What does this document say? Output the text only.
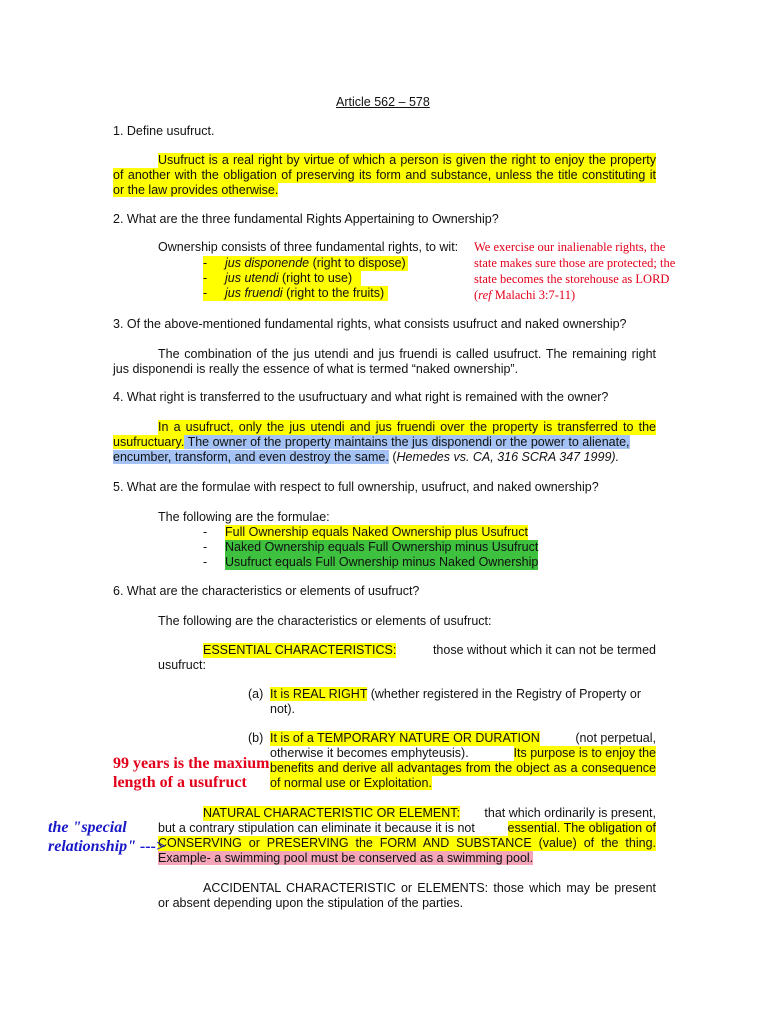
Article 562 – 578
1. Define usufruct.
Usufruct is a real right by virtue of which a person is given the right to enjoy the property
of another with the obligation of preserving its form and substance, unless the title constituting it
or the law provides otherwise.
2. What are the three fundamental Rights Appertaining to Ownership?
Ownership consists of three fundamental rights, to wit:
- jus disponende (right to dispose)
- jus utendi (right to use)
- jus fruendi (right to the fruits)
We exercise our inalienable rights, the
state makes sure those are protected; the
state becomes the storehouse as LORD
(ref Malachi 3:7-11)
3. Of the above-mentioned fundamental rights, what consists usufruct and naked ownership?
The combination of the jus utendi and jus fruendi is called usufruct. The remaining right
jus disponendi is really the essence of what is termed “naked ownership”.
4. What right is transferred to the usufructuary and what right is remained with the owner?
In a usufruct, only the jus utendi and jus fruendi over the property is transferred to the
usufructuary. The owner of the property maintains the jus disponendi or the power to alienate,
encumber, transform, and even destroy the same. (Hemedes vs. CA, 316 SCRA 347 1999).
5. What are the formulae with respect to full ownership, usufruct, and naked ownership?
The following are the formulae:
- Full Ownership equals Naked Ownership plus Usufruct
- Naked Ownership equals Full Ownership minus Usufruct
- Usufruct equals Full Ownership minus Naked Ownership
6. What are the characteristics or elements of usufruct?
The following are the characteristics or elements of usufruct:
ESSENTIAL CHARACTERISTICS:	those without which it can not be termed
usufruct:
(a) It is REAL RIGHT (whether registered in the Registry of Property or
not).
(b) It is of a TEMPORARY NATURE OR DURATION	(not perpetual,
otherwise it becomes emphyteusis).	Its purpose is to enjoy the
benefits and derive all advantages from the object as a consequence
of normal use or Exploitation.
99 years is the maxium
length of a usufruct
NATURAL CHARACTERISTIC OR ELEMENT: that which ordinarily is present,
but a contrary stipulation can eliminate it because it is not	essential. The obligation of
CONSERVING or PRESERVING the FORM AND SUBSTANCE (value) of the thing.
Example- a swimming pool must be conserved as a swimming pool.
the "special
relationship" --->
ACCIDENTAL CHARACTERISTIC or ELEMENTS: those which may be present
or absent depending upon the stipulation of the parties.
